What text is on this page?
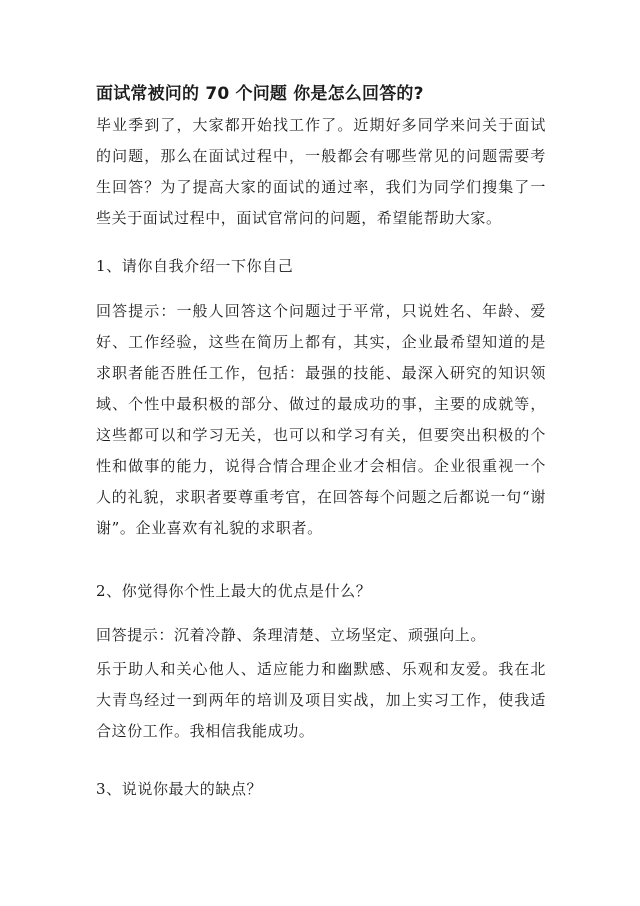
面试常被问的 70 个问题 你是怎么回答的?

毕业季到了，大家都开始找工作了。近期好多同学来问关于面试的问题，那么在面试过程中，一般都会有哪些常见的问题需要考生回答？为了提高大家的面试的通过率，我们为同学们搜集了一些关于面试过程中，面试官常问的问题，希望能帮助大家。

1、请你自我介绍一下你自己

回答提示：一般人回答这个问题过于平常，只说姓名、年龄、爱好、工作经验，这些在简历上都有，其实，企业最希望知道的是求职者能否胜任工作，包括：最强的技能、最深入研究的知识领域、个性中最积极的部分、做过的最成功的事，主要的成就等，这些都可以和学习无关，也可以和学习有关，但要突出积极的个性和做事的能力，说得合情合理企业才会相信。企业很重视一个人的礼貌，求职者要尊重考官，在回答每个问题之后都说一句“谢谢”。企业喜欢有礼貌的求职者。

2、你觉得你个性上最大的优点是什么？

回答提示：沉着冷静、条理清楚、立场坚定、顽强向上。

乐于助人和关心他人、适应能力和幽默感、乐观和友爱。我在北大青鸟经过一到两年的培训及项目实战，加上实习工作，使我适合这份工作。我相信我能成功。

3、说说你最大的缺点？
